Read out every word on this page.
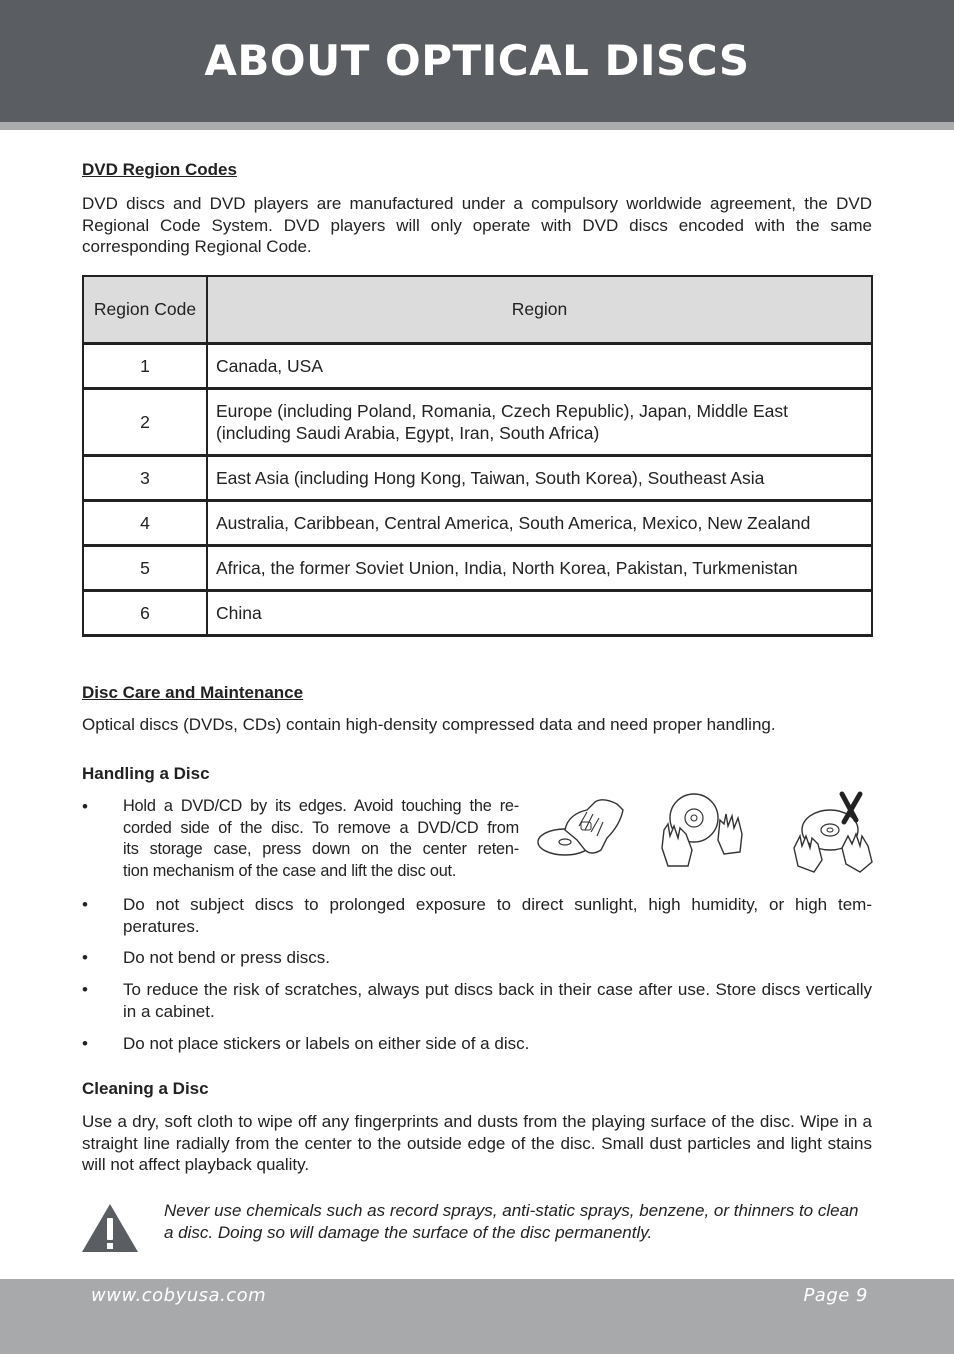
ABOUT OPTICAL DISCS
DVD Region Codes

DVD discs and DVD players are manufactured under a compulsory worldwide agreement, the DVD Regional Code System. DVD players will only operate with DVD discs encoded with the same corresponding Regional Code.

Region Code	Region
1	Canada, USA
2	Europe (including Poland, Romania, Czech Republic), Japan, Middle East (including Saudi Arabia, Egypt, Iran, South Africa)
3	East Asia (including Hong Kong, Taiwan, South Korea), Southeast Asia
4	Australia, Caribbean, Central America, South America, Mexico, New Zealand
5	Africa, the former Soviet Union, India, North Korea, Pakistan, Turkmenistan
6	China
Disc Care and Maintenance

Optical discs (DVDs, CDs) contain high-density compressed data and need proper handling.

Handling a Disc
• Hold a DVD/CD by its edges. Avoid touching the re-
corded side of the disc. To remove a DVD/CD from
its storage case, press down on the center reten-
tion mechanism of the case and lift the disc out.
• Do not subject discs to prolonged exposure to direct sunlight, high humidity, or high tem-
peratures.
• Do not bend or press discs.
• To reduce the risk of scratches, always put discs back in their case after use. Store discs vertically in a cabinet.
• Do not place stickers or labels on either side of a disc.
Cleaning a Disc

Use a dry, soft cloth to wipe off any fingerprints and dusts from the playing surface of the disc. Wipe in a straight line radially from the center to the outside edge of the disc. Small dust particles and light stains will not affect playback quality.

Never use chemicals such as record sprays, anti-static sprays, benzene, or thinners to clean a disc. Doing so will damage the surface of the disc permanently.

www.cobyusa.com	Page 9
